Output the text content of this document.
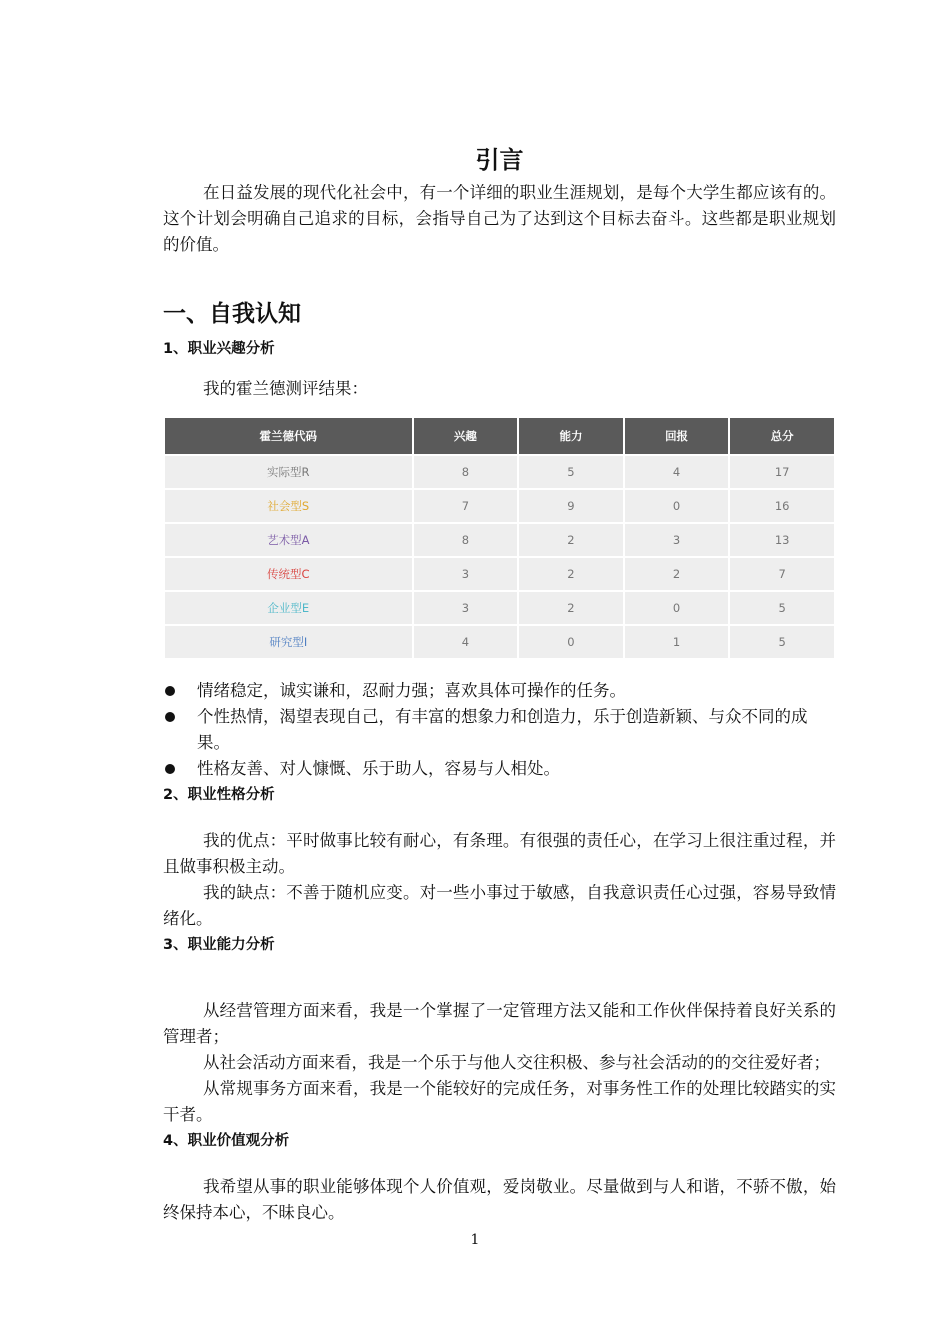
引言

在日益发展的现代化社会中，有一个详细的职业生涯规划，是每个大学生都应该有的。这个计划会明确自己追求的目标，会指导自己为了达到这个目标去奋斗。这些都是职业规划的价值。

一、自我认知
1、职业兴趣分析

我的霍兰德测评结果：

霍兰德代码	兴趣	能力	回报	总分
实际型R	8	5	4	17
社会型S	7	9	0	16
艺术型A	8	2	3	13
传统型C	3	2	2	7
企业型E	3	2	0	5
研究型I	4	0	1	5
情绪稳定，诚实谦和，忍耐力强；喜欢具体可操作的任务。
个性热情，渴望表现自己，有丰富的想象力和创造力，乐于创造新颖、与众不同的成果。
性格友善、对人慷慨、乐于助人，容易与人相处。
2、职业性格分析

我的优点：平时做事比较有耐心，有条理。有很强的责任心，在学习上很注重过程，并且做事积极主动。

我的缺点：不善于随机应变。对一些小事过于敏感，自我意识责任心过强，容易导致情绪化。

3、职业能力分析

从经营管理方面来看，我是一个掌握了一定管理方法又能和工作伙伴保持着良好关系的管理者；

从社会活动方面来看，我是一个乐于与他人交往积极、参与社会活动的的交往爱好者；

从常规事务方面来看，我是一个能较好的完成任务，对事务性工作的处理比较踏实的实干者。

4、职业价值观分析

我希望从事的职业能够体现个人价值观，爱岗敬业。尽量做到与人和谐，不骄不傲，始终保持本心，不昧良心。

1
